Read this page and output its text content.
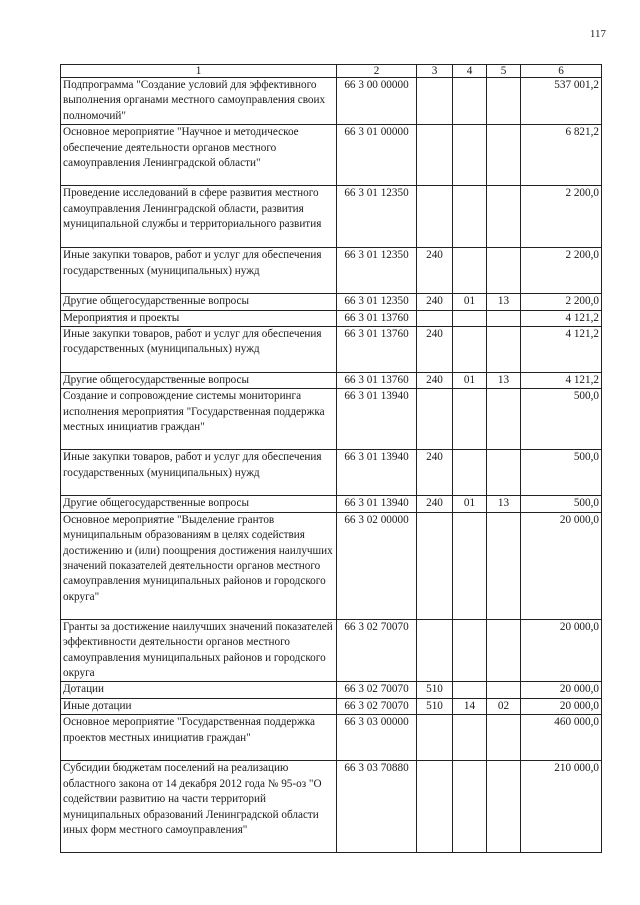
117
1	2	3	4	5	6
Подпрограмма "Создание условий для эффективного выполнения органами местного самоуправления своих полномочий"	66 3 00 00000				537 001,2
Основное мероприятие "Научное и методическое обеспечение деятельности органов местного самоуправления Ленинградской области"	66 3 01 00000				6 821,2
Проведение исследований в сфере развития местного самоуправления Ленинградской области, развития муниципальной службы и территориального развития	66 3 01 12350				2 200,0
Иные закупки товаров, работ и услуг для обеспечения государственных (муниципальных) нужд	66 3 01 12350	240			2 200,0
Другие общегосударственные вопросы	66 3 01 12350	240	01	13	2 200,0
Мероприятия и проекты	66 3 01 13760				4 121,2
Иные закупки товаров, работ и услуг для обеспечения государственных (муниципальных) нужд	66 3 01 13760	240			4 121,2
Другие общегосударственные вопросы	66 3 01 13760	240	01	13	4 121,2
Создание и сопровождение системы мониторинга исполнения мероприятия "Государственная поддержка местных инициатив граждан"	66 3 01 13940				500,0
Иные закупки товаров, работ и услуг для обеспечения государственных (муниципальных) нужд	66 3 01 13940	240			500,0
Другие общегосударственные вопросы	66 3 01 13940	240	01	13	500,0
Основное мероприятие "Выделение грантов муниципальным образованиям в целях содействия достижению и (или) поощрения достижения наилучших значений показателей деятельности органов местного самоуправления муниципальных районов и городского округа"	66 3 02 00000				20 000,0
Гранты за достижение наилучших значений показателей эффективности деятельности органов местного самоуправления муниципальных районов и городского округа	66 3 02 70070				20 000,0
Дотации	66 3 02 70070	510			20 000,0
Иные дотации	66 3 02 70070	510	14	02	20 000,0
Основное мероприятие "Государственная поддержка проектов местных инициатив граждан"	66 3 03 00000				460 000,0
Субсидии бюджетам поселений на реализацию областного закона от 14 декабря 2012 года № 95-оз "О содействии развитию на части территорий муниципальных образований Ленинградской области иных форм местного самоуправления"	66 3 03 70880				210 000,0
